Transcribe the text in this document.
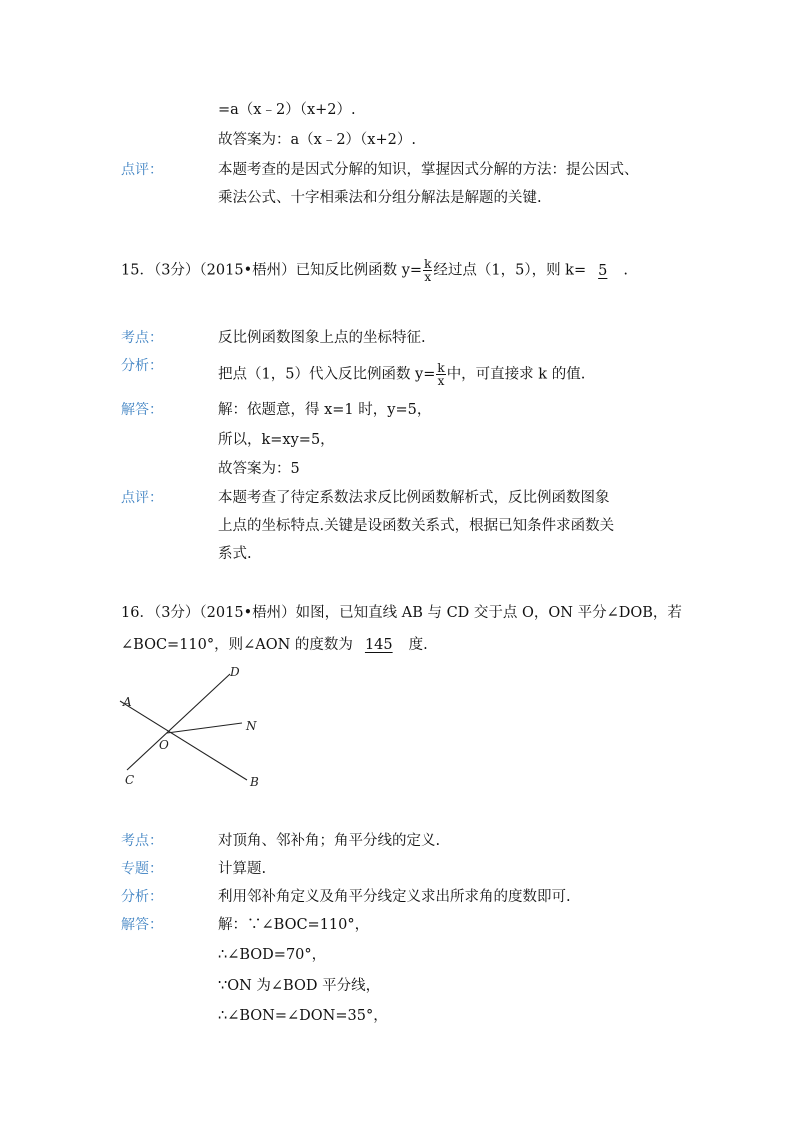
=a（x﹣2）（x+2）.
故答案为：a（x﹣2）（x+2）.
点评：	本题考查的是因式分解的知识，掌握因式分解的方法：提公因式、
乘法公式、十字相乘法和分组分解法是解题的关键.
15．（3分）（2015•梧州）已知反比例函数 $y= \frac{k}{x}$ 经过点（1，5），则 k= 5 .
考点：	反比例函数图象上点的坐标特征.
分析：
把点（1，5）代入反比例函数 $y= \frac{k}{x}$ 中，可直接求 k 的值.
解答：	解：依题意，得 x=1 时，y=5，
所以，k=xy=5，
故答案为：5
点评：	本题考查了待定系数法求反比例函数解析式，反比例函数图象
上点的坐标特点.关键是设函数关系式，根据已知条件求函数关
系式.
16．（3分）（2015•梧州）如图，已知直线 AB 与 CD 交于点 O，ON 平分∠DOB，若
∠BOC=110°，则∠AON 的度数为 145 度.
A
B
C
D
N
O
考点：	对顶角、邻补角；角平分线的定义.
专题：	计算题.
分析：	利用邻补角定义及角平分线定义求出所求角的度数即可.
解答：	解：∵∠BOC=110°，
∴∠BOD=70°，
∵ON 为∠BOD 平分线，
∴∠BON=∠DON=35°，
